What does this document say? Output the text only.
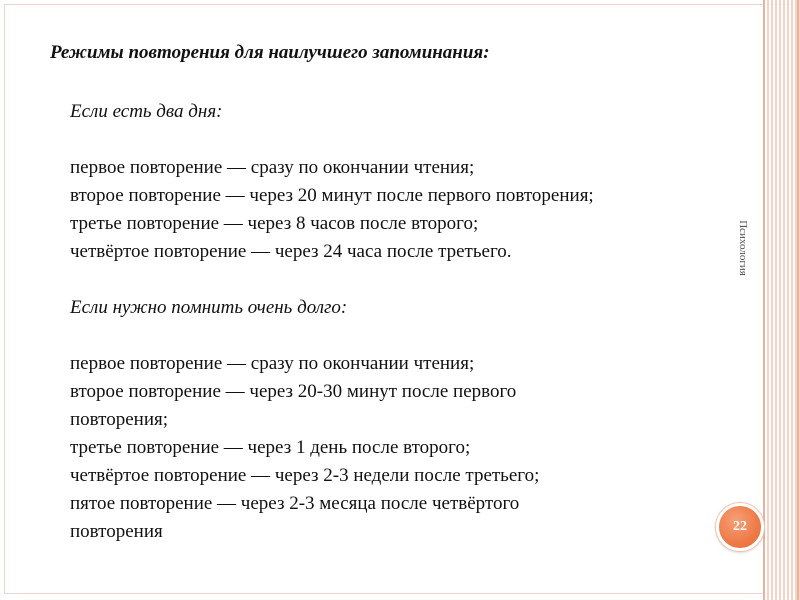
Режимы повторения для наилучшего запоминания:
Если есть два дня:
первое повторение — сразу по окончании чтения;
второе повторение — через 20 минут после первого повторения;
третье повторение — через 8 часов после второго;
четвёртое повторение — через 24 часа после третьего.
Если нужно помнить очень долго:
первое повторение — сразу по окончании чтения;
второе повторение — через 20-30 минут после первого
повторения;
третье повторение — через 1 день после второго;
четвёртое повторение — через 2-3 недели после третьего;
пятое повторение — через 2-3 месяца после четвёртого
повторения
Психология
22
